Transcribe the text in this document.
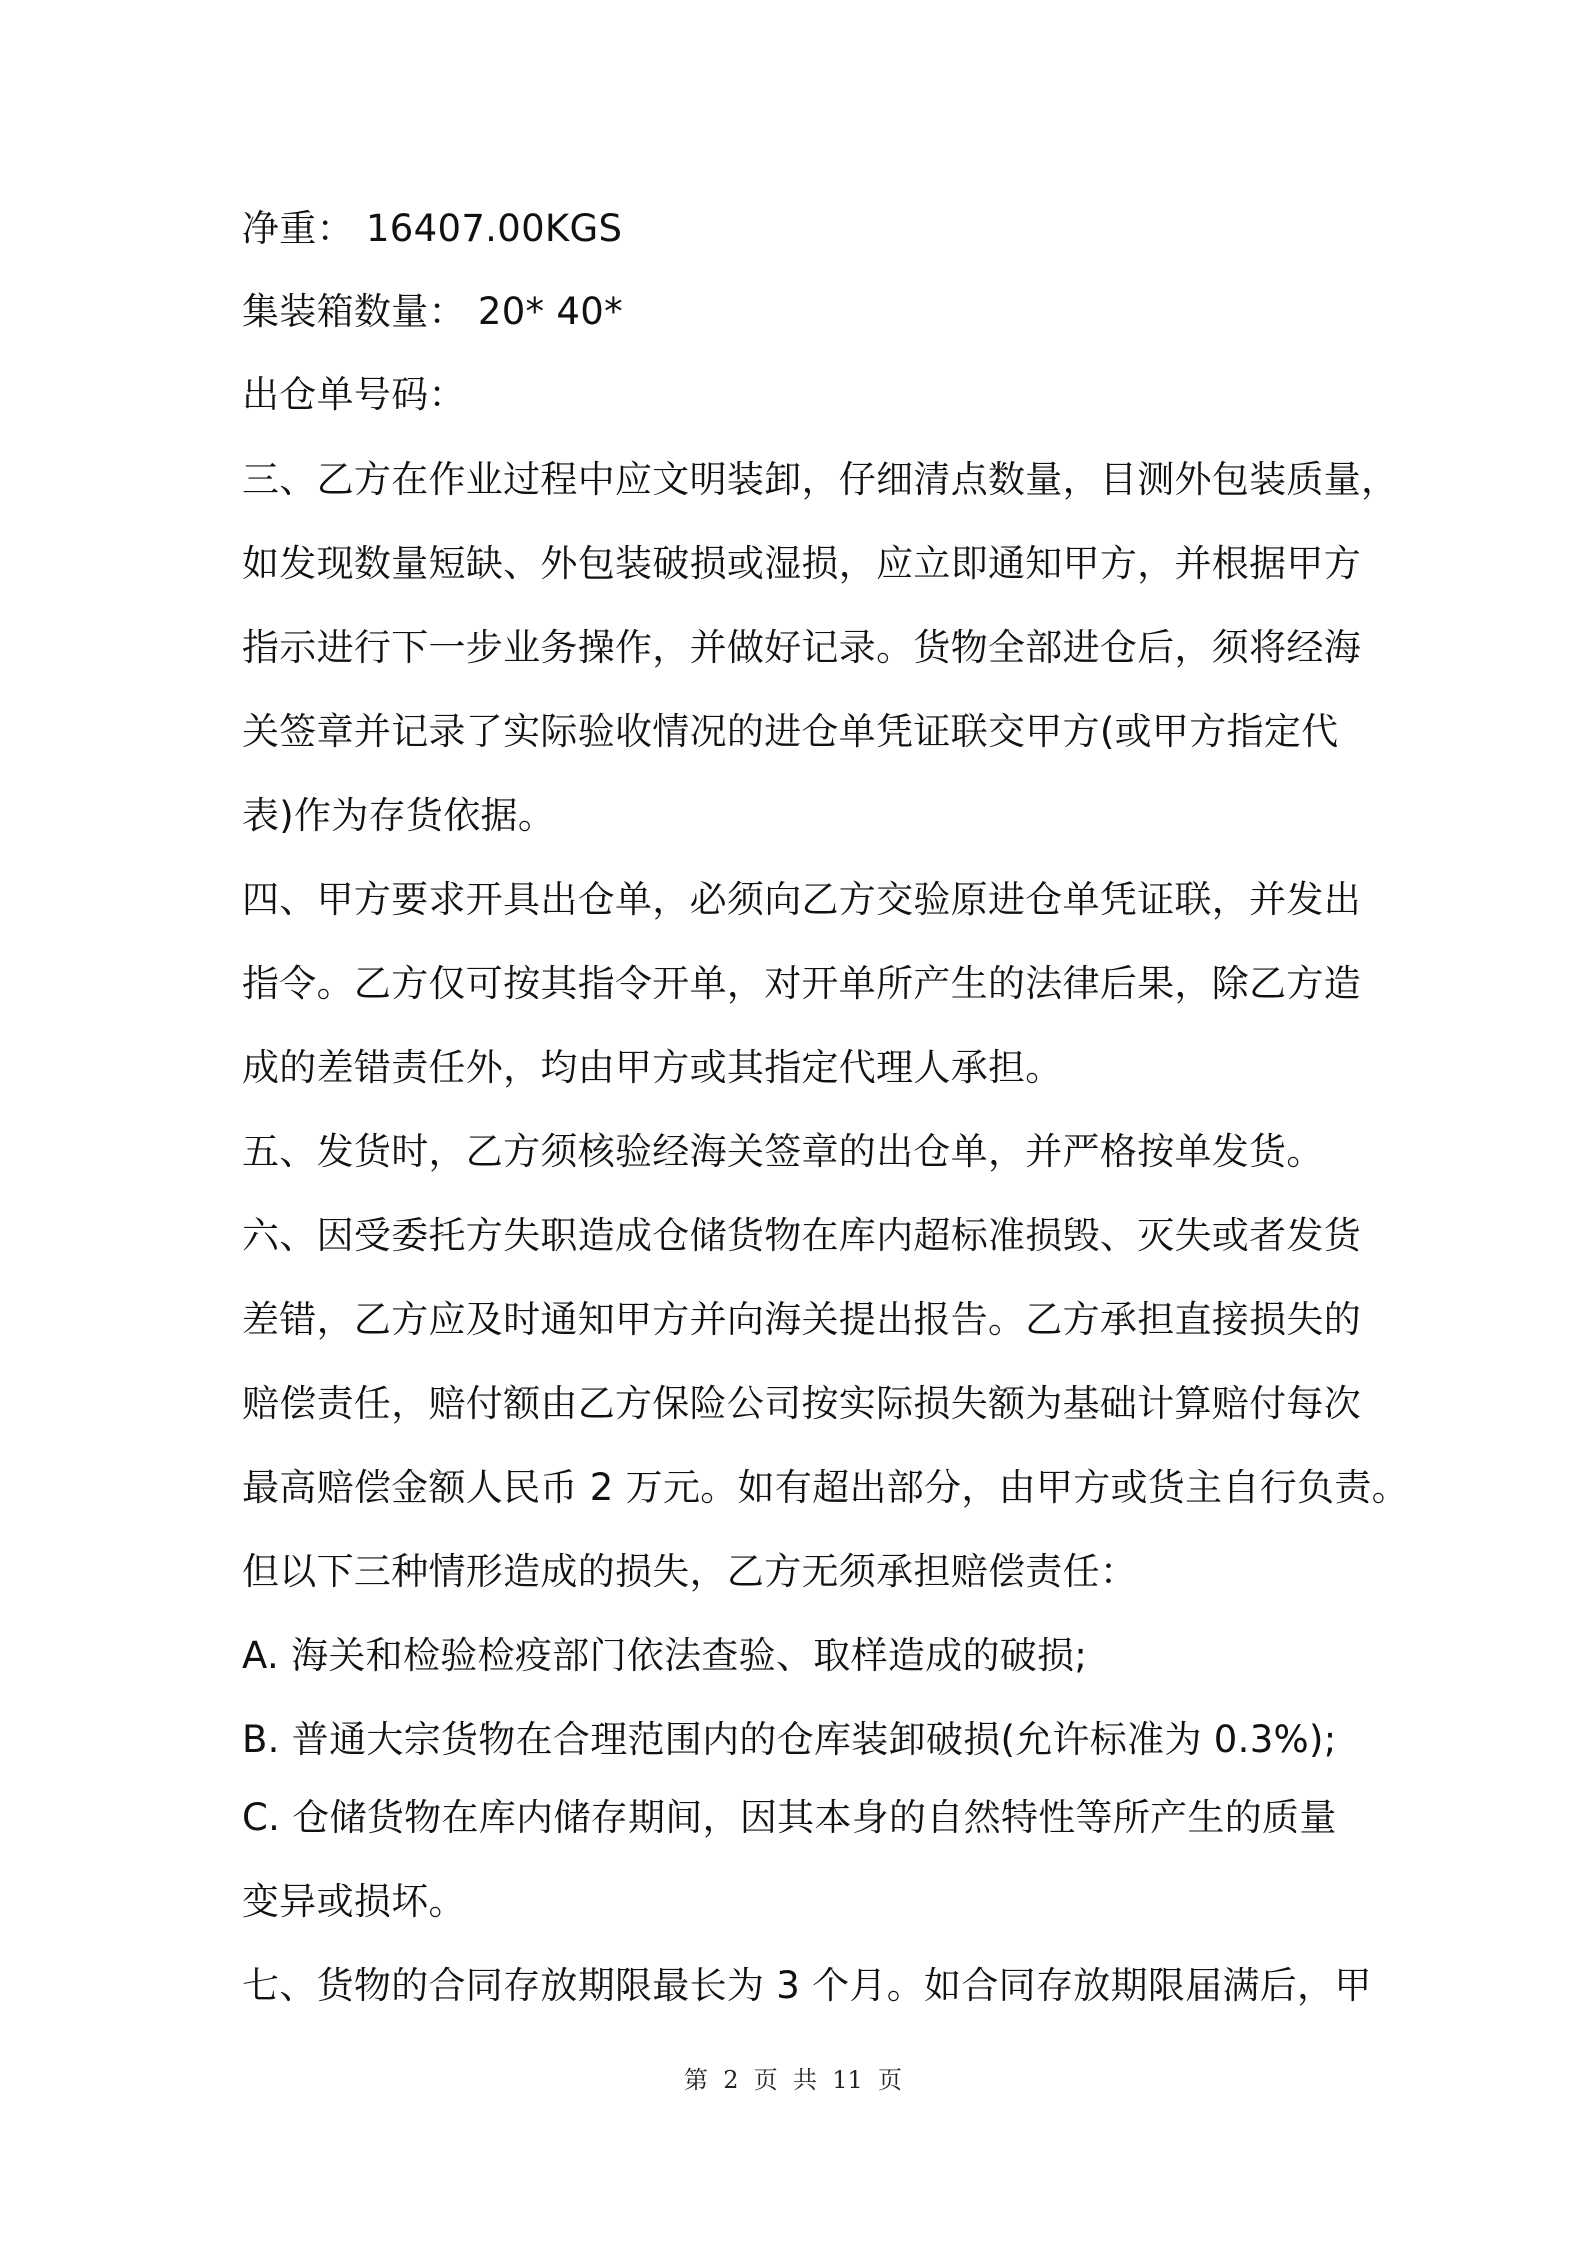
净重： 16407.00KGS
集装箱数量： 20* 40*
出仓单号码：
三、乙方在作业过程中应文明装卸，仔细清点数量，目测外包装质量，
如发现数量短缺、外包装破损或湿损，应立即通知甲方，并根据甲方
指示进行下一步业务操作，并做好记录。货物全部进仓后，须将经海
关签章并记录了实际验收情况的进仓单凭证联交甲方(或甲方指定代
表)作为存货依据。
四、甲方要求开具出仓单，必须向乙方交验原进仓单凭证联，并发出
指令。乙方仅可按其指令开单，对开单所产生的法律后果，除乙方造
成的差错责任外，均由甲方或其指定代理人承担。
五、发货时，乙方须核验经海关签章的出仓单，并严格按单发货。
六、因受委托方失职造成仓储货物在库内超标准损毁、灭失或者发货
差错，乙方应及时通知甲方并向海关提出报告。乙方承担直接损失的
赔偿责任，赔付额由乙方保险公司按实际损失额为基础计算赔付每次
最高赔偿金额人民币 2 万元。如有超出部分，由甲方或货主自行负责。
但以下三种情形造成的损失，乙方无须承担赔偿责任：
A. 海关和检验检疫部门依法查验、取样造成的破损;
B. 普通大宗货物在合理范围内的仓库装卸破损(允许标准为 0.3%);
C. 仓储货物在库内储存期间，因其本身的自然特性等所产生的质量
变异或损坏。
七、货物的合同存放期限最长为 3 个月。如合同存放期限届满后，甲
第  2  页  共  11  页
